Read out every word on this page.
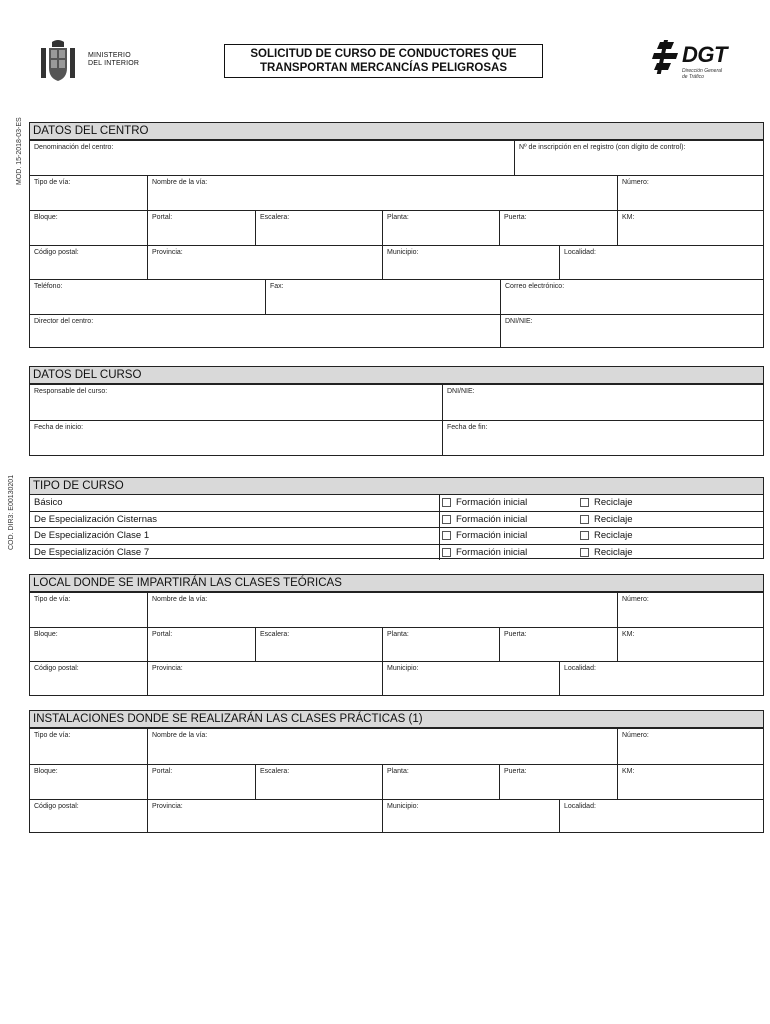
MINISTERIO
DEL INTERIOR
SOLICITUD DE CURSO DE CONDUCTORES QUE
TRANSPORTAN MERCANCÍAS PELIGROSAS
DGT
Dirección General
de Tráfico
MOD. 15-2018-03-ES
COD. DIR3: E00130201
DATOS DEL CENTRO
Denominación del centro:	Nº de inscripción en el registro (con dígito de control):
Tipo de vía:	Nombre de la vía:	Número:
Bloque:	Portal:	Escalera:	Planta:	Puerta:	KM:
Código postal:	Provincia:	Municipio:	Localidad:
Teléfono:	Fax:	Correo electrónico:
Director del centro:	DNI/NIE:
DATOS DEL CURSO
Responsable del curso:	DNI/NIE:
Fecha de inicio:	Fecha de fin:
TIPO DE CURSO
Básico	Formación inicial	Reciclaje
De Especialización Cisternas	Formación inicial	Reciclaje
De Especialización Clase 1	Formación inicial	Reciclaje
De Especialización Clase 7	Formación inicial	Reciclaje
LOCAL DONDE SE IMPARTIRÁN LAS CLASES TEÓRICAS
Tipo de vía:	Nombre de la vía:	Número:
Bloque:	Portal:	Escalera:	Planta:	Puerta:	KM:
Código postal:	Provincia:	Municipio:	Localidad:
INSTALACIONES DONDE SE REALIZARÁN LAS CLASES PRÁCTICAS (1)
Tipo de vía:	Nombre de la vía:	Número:
Bloque:	Portal:	Escalera:	Planta:	Puerta:	KM:
Código postal:	Provincia:	Municipio:	Localidad:
